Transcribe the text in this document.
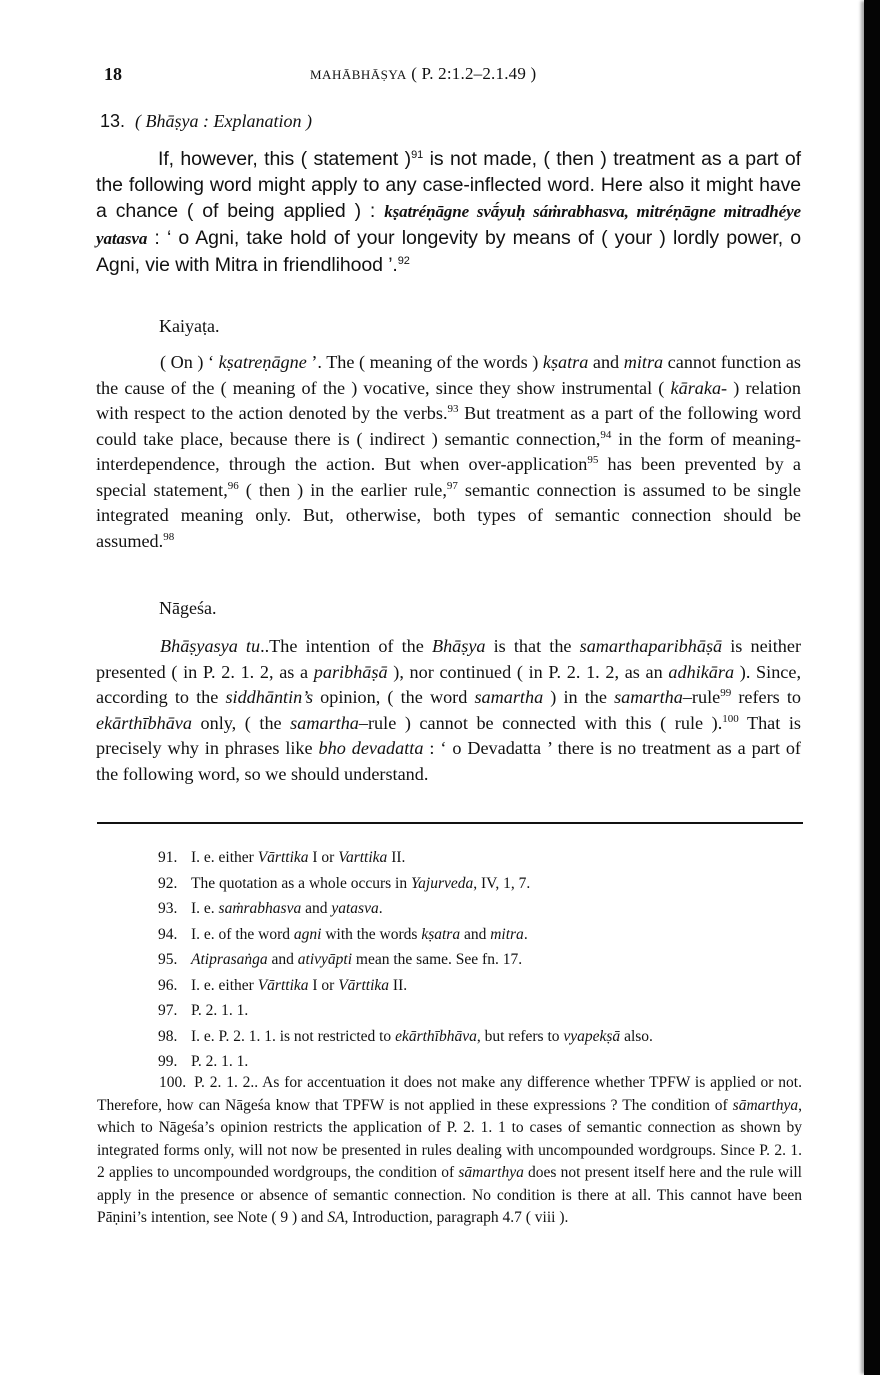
18	MAHĀBHĀṢYA ( P. 2:1.2–2.1.49 )
13. ( Bhāṣya : Explanation )

If, however, this ( statement )$^{91}$ is not made, ( then ) treatment as a part of the following word might apply to any case-inflected word. Here also it might have a chance ( of being applied ) : kṣatréṇāgne svā́yuḥ sáṁrabhasva, mitréṇāgne mitradhéye yatasva : ‘ o Agni, take hold of your longevity by means of ( your ) lordly power, o Agni, vie with Mitra in friendlihood ’.$^{92}$

Kaiyaṭa.

( On ) ‘ kṣatreṇāgne ’. The ( meaning of the words ) kṣatra and mitra cannot function as the cause of the ( meaning of the ) vocative, since they show instrumental ( kāraka- ) relation with respect to the action denoted by the verbs.$^{93}$ But treatment as a part of the following word could take place, because there is ( indirect ) semantic connection,$^{94}$ in the form of meaning-interdependence, through the action. But when over-application$^{95}$ has been prevented by a special statement,$^{96}$ ( then ) in the earlier rule,$^{97}$ semantic connection is assumed to be single integrated meaning only. But, otherwise, both types of semantic connection should be assumed.$^{98}$

Nāgeśa.

Bhāṣyasya tu..The intention of the Bhāṣya is that the samarthaparibhāṣā is neither presented ( in P. 2. 1. 2, as a paribhāṣā ), nor continued ( in P. 2. 1. 2, as an adhikāra ). Since, according to the siddhāntin’s opinion, ( the word samartha ) in the samartha–rule$^{99}$ refers to ekārthībhāva only, ( the samartha–rule ) cannot be connected with this ( rule ).$^{100}$ That is precisely why in phrases like bho devadatta : ‘ o Devadatta ’ there is no treatment as a part of the following word, so we should understand.

91. I. e. either Vārttika I or Varttika II.
92. The quotation as a whole occurs in Yajurveda, IV, 1, 7.
93. I. e. saṁrabhasva and yatasva.
94. I. e. of the word agni with the words kṣatra and mitra.
95. Atiprasaṅga and ativyāpti mean the same. See fn. 17.
96. I. e. either Vārttika I or Vārttika II.
97. P. 2. 1. 1.
98. I. e. P. 2. 1. 1. is not restricted to ekārthībhāva, but refers to vyapekṣā also.
99. P. 2. 1. 1.
100. P. 2. 1. 2.. As for accentuation it does not make any difference whether TPFW is applied or not. Therefore, how can Nāgeśa know that TPFW is not applied in these expressions ? The condition of sāmarthya, which to Nāgeśa’s opinion restricts the application of P. 2. 1. 1 to cases of semantic connection as shown by integrated forms only, will not now be presented in rules dealing with uncompounded wordgroups. Since P. 2. 1. 2 applies to uncompounded wordgroups, the condition of sāmarthya does not present itself here and the rule will apply in the presence or absence of semantic connection. No condition is there at all. This cannot have been Pāṇini’s intention, see Note ( 9 ) and SA, Introduction, paragraph 4.7 ( viii ).
